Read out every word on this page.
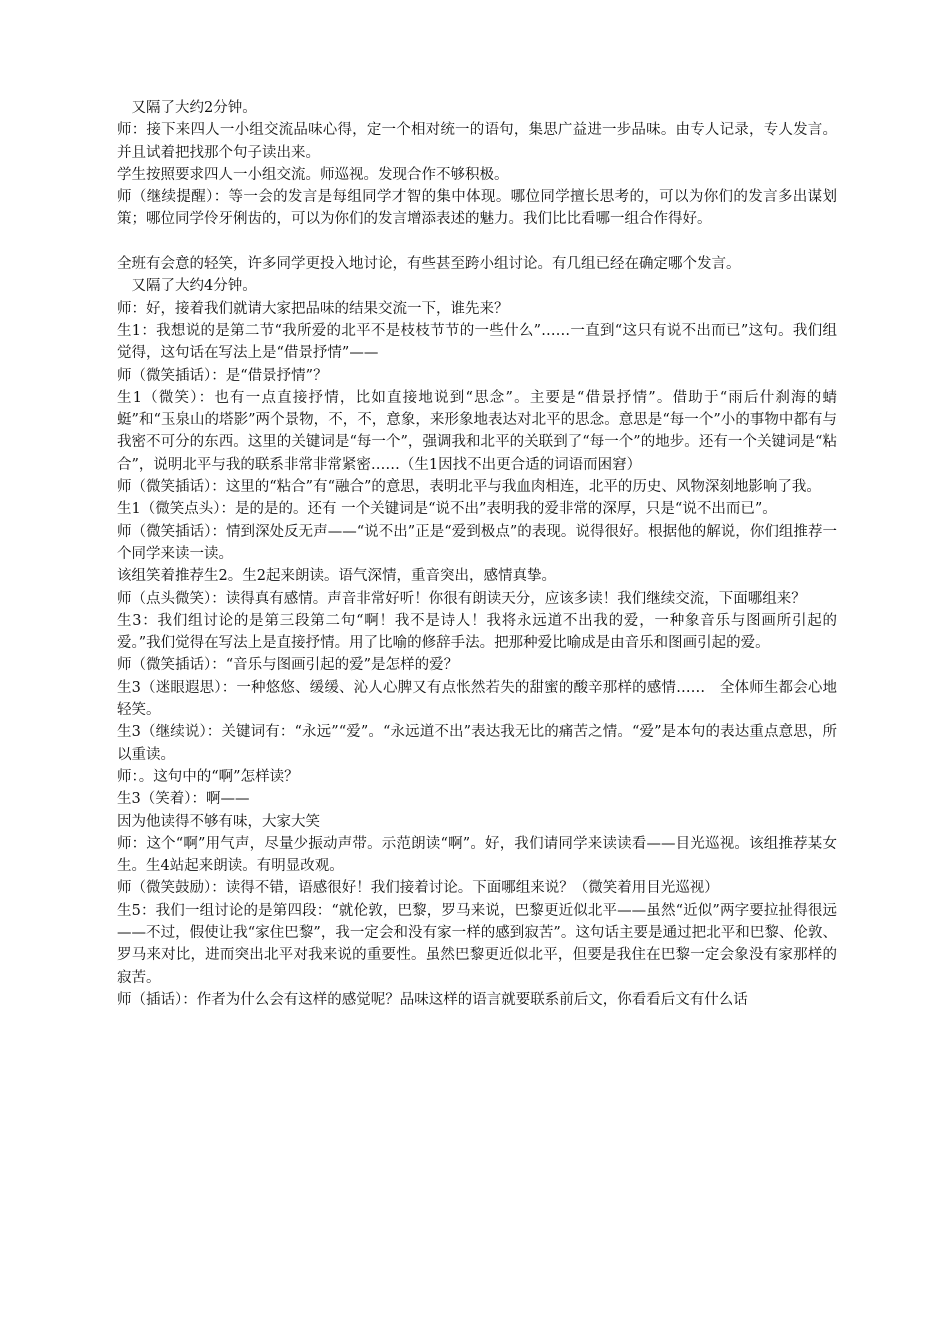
又隔了大约2分钟。

师：接下来四人一小组交流品味心得，定一个相对统一的语句，集思广益进一步品味。由专人记录，专人发言。并且试着把找那个句子读出来。

学生按照要求四人一小组交流。师巡视。发现合作不够积极。

师（继续提醒）：等一会的发言是每组同学才智的集中体现。哪位同学擅长思考的，可以为你们的发言多出谋划策；哪位同学伶牙俐齿的，可以为你们的发言增添表述的魅力。我们比比看哪一组合作得好。

全班有会意的轻笑，许多同学更投入地讨论，有些甚至跨小组讨论。有几组已经在确定哪个发言。

又隔了大约4分钟。

师：好，接着我们就请大家把品味的结果交流一下，谁先来？

生1：我想说的是第二节“我所爱的北平不是枝枝节节的一些什么”……一直到“这只有说不出而已”这句。我们组觉得，这句话在写法上是“借景抒情”——

师（微笑插话）：是“借景抒情”？

生1（微笑）：也有一点直接抒情，比如直接地说到“思念”。主要是“借景抒情”。借助于“雨后什刹海的蜻蜓”和“玉泉山的塔影”两个景物，不，不，意象，来形象地表达对北平的思念。意思是“每一个”小的事物中都有与我密不可分的东西。这里的关键词是“每一个”，强调我和北平的关联到了“每一个”的地步。还有一个关键词是“粘合”，说明北平与我的联系非常非常紧密……（生1因找不出更合适的词语而困窘）

师（微笑插话）：这里的“粘合”有“融合”的意思，表明北平与我血肉相连，北平的历史、风物深刻地影响了我。

生1（微笑点头）：是的是的。还有 一个关键词是“说不出”表明我的爱非常的深厚，只是“说不出而已”。

师（微笑插话）：情到深处反无声——“说不出”正是“爱到极点”的表现。说得很好。根据他的解说，你们组推荐一个同学来读一读。

该组笑着推荐生2。生2起来朗读。语气深情，重音突出，感情真挚。

师（点头微笑）：读得真有感情。声音非常好听！你很有朗读天分，应该多读！我们继续交流，下面哪组来？

生3：我们组讨论的是第三段第二句“啊！我不是诗人！我将永远道不出我的爱，一种象音乐与图画所引起的爱。”我们觉得在写法上是直接抒情。用了比喻的修辞手法。把那种爱比喻成是由音乐和图画引起的爱。

师（微笑插话）：“音乐与图画引起的爱”是怎样的爱？

生3（迷眼遐思）：一种悠悠、缓缓、沁人心脾又有点怅然若失的甜蜜的酸辛那样的感情……　全体师生都会心地轻笑。

生3（继续说）：关键词有：“永远”“爱”。“永远道不出”表达我无比的痛苦之情。“爱”是本句的表达重点意思，所以重读。

师：。这句中的“啊”怎样读？

生3（笑着）：啊——

因为他读得不够有味，大家大笑

师：这个“啊”用气声，尽量少振动声带。示范朗读“啊”。好，我们请同学来读读看——目光巡视。该组推荐某女生。生4站起来朗读。有明显改观。

师（微笑鼓励）：读得不错，语感很好！我们接着讨论。下面哪组来说？（微笑着用目光巡视）

生5：我们一组讨论的是第四段：“就伦敦，巴黎，罗马来说，巴黎更近似北平——虽然“近似”两字要拉扯得很远——不过，假使让我“家住巴黎”，我一定会和没有家一样的感到寂苦”。这句话主要是通过把北平和巴黎、伦敦、罗马来对比，进而突出北平对我来说的重要性。虽然巴黎更近似北平，但要是我住在巴黎一定会象没有家那样的寂苦。

师（插话）：作者为什么会有这样的感觉呢？品味这样的语言就要联系前后文，你看看后文有什么话
